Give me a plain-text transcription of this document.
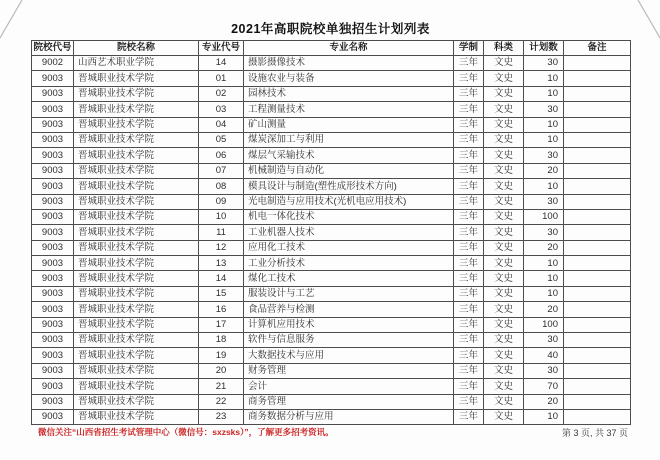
2021年高职院校单独招生计划列表
院校代号	院校名称	专业代号	专业名称	学制	科类	计划数	备注
9002	山西艺术职业学院	14	摄影摄像技术	三年	文史	30	
9003	晋城职业技术学院	01	设施农业与装备	三年	文史	10	
9003	晋城职业技术学院	02	园林技术	三年	文史	10	
9003	晋城职业技术学院	03	工程测量技术	三年	文史	30	
9003	晋城职业技术学院	04	矿山测量	三年	文史	10	
9003	晋城职业技术学院	05	煤炭深加工与利用	三年	文史	10	
9003	晋城职业技术学院	06	煤层气采输技术	三年	文史	30	
9003	晋城职业技术学院	07	机械制造与自动化	三年	文史	20	
9003	晋城职业技术学院	08	模具设计与制造(塑性成形技术方向)	三年	文史	10	
9003	晋城职业技术学院	09	光电制造与应用技术(光机电应用技术)	三年	文史	30	
9003	晋城职业技术学院	10	机电一体化技术	三年	文史	100	
9003	晋城职业技术学院	11	工业机器人技术	三年	文史	30	
9003	晋城职业技术学院	12	应用化工技术	三年	文史	20	
9003	晋城职业技术学院	13	工业分析技术	三年	文史	10	
9003	晋城职业技术学院	14	煤化工技术	三年	文史	10	
9003	晋城职业技术学院	15	服装设计与工艺	三年	文史	10	
9003	晋城职业技术学院	16	食品营养与检测	三年	文史	20	
9003	晋城职业技术学院	17	计算机应用技术	三年	文史	100	
9003	晋城职业技术学院	18	软件与信息服务	三年	文史	30	
9003	晋城职业技术学院	19	大数据技术与应用	三年	文史	40	
9003	晋城职业技术学院	20	财务管理	三年	文史	30	
9003	晋城职业技术学院	21	会计	三年	文史	70	
9003	晋城职业技术学院	22	商务管理	三年	文史	20	
9003	晋城职业技术学院	23	商务数据分析与应用	三年	文史	10	
微信关注“山西省招生考试管理中心（微信号：sxzsks）”，了解更多招考资讯。	第 3 页, 共 37 页
